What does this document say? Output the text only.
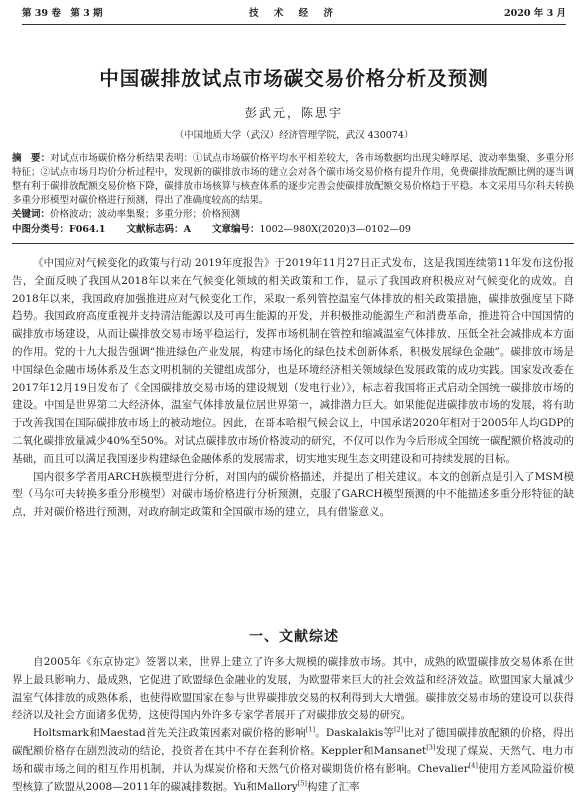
第 39 卷　第 3 期	技 术 经 济	2020 年 3 月
中国碳排放试点市场碳交易价格分析及预测
彭武元，陈思宇
（中国地质大学（武汉）经济管理学院，武汉 430074）
摘　要：对试点市场碳价格分析结果表明：①试点市场碳价格平均水平相差较大，各市场数据均出现尖峰厚尾、波动率集聚、多重分形特征；②试点市场月均价分析过程中，发现新的碳排放市场的建立会对各个碳市场交易价格有提升作用，免费碳排放配额比例的逐当调整有利于碳排放配额交易价格下降，碳排放市场核算与核查体系的逐步完善会使碳排放配额交易价格趋于平稳。本文采用马尔科夫转换多重分形模型对碳价格进行预测，得出了准确度较高的结果。
关键词：价格波动；波动率集聚；多重分形；价格预测
中图分类号：F064.1 文献标志码：A 文章编号：1002—980X(2020)3—0102—09

《中国应对气候变化的政策与行动 2019年度报告》于2019年11月27日正式发布，这是我国连续第11年发布这份报告，全面反映了我国从2018年以来在气候变化领域的相关政策和工作，显示了我国政府积极应对气候变化的成效。自2018年以来，我国政府加强推进应对气候变化工作，采取一系列管控温室气体排放的相关政策措施，碳排放强度呈下降趋势。我国政府高度重视并支持清洁能源以及可再生能源的开发，并积极推动能源生产和消费革命，推进符合中国国情的碳排放市场建设，从而让碳排放交易市场平稳运行，发挥市场机制在管控和缩减温室气体排放、压低全社会减排成本方面的作用。党的十九大报告强调“推进绿色产业发展，构建市场化的绿色技术创新体系，积极发展绿色金融”。碳排放市场是中国绿色金融市场体系及生态文明机制的关键组成部分，也是环境经济相关领域绿色发展政策的成功实践。国家发改委在2017年12月19日发布了《全国碳排放交易市场的建设规划（发电行业）》，标志着我国将正式启动全国统一碳排放市场的建设。中国是世界第二大经济体，温室气体排放量位居世界第一，减排潜力巨大。如果能促进碳排放市场的发展，将有助于改善我国在国际碳排放市场上的被动地位。因此，在哥本哈根气候会议上，中国承诺2020年相对于2005年人均GDP的二氧化碳排放量减少40%至50%。对试点碳排放市场价格波动的研究，不仅可以作为今后形成全国统一碳配额价格波动的基础，而且可以满足我国逐步构建绿色金融体系的发展需求，切实地实现生态文明建设和可持续发展的目标。

国内很多学者用ARCH族模型进行分析，对国内的碳价格描述，并提出了相关建议。本文的创新点是引入了MSM模型（马尔可夫转换多重分形模型）对碳市场价格进行分析预测，克服了GARCH模型预测的中不能描述多重分形特征的缺点，并对碳价格进行预测，对政府制定政策和全国碳市场的建立，具有借鉴意义。

一、文献综述

自2005年《东京协定》签署以来，世界上建立了许多大规模的碳排放市场。其中，成熟的欧盟碳排放交易体系在世界上最具影响力、最成熟，它促进了欧盟绿色金融业的发展，为欧盟带来巨大的社会效益和经济效益。欧盟国家大量减少温室气体排放的成熟体系，也使得欧盟国家在参与世界碳排放交易的权利得到大大增强。碳排放交易市场的建设可以获得经济以及社会方面诸多优势，这使得国内外许多专家学者展开了对碳排放交易的研究。

Holtsmark和Maestad首先关注政策因素对碳价格的影响[1]。Daskalakis等[2]比对了德国碳排放配额的价格，得出碳配额价格存在剧烈波动的结论，投资者在其中不存在套利价格。Keppler和Mansanet[3]发现了煤炭、天然气、电力市场和碳市场之间的相互作用机制，并认为煤炭价格和天然气价格对碳期货价格有影响。Chevalier[4]使用方差风险溢价模型核算了欧盟从2008—2011年的碳减排数据。Yu和Mallory[5]构建了汇率
